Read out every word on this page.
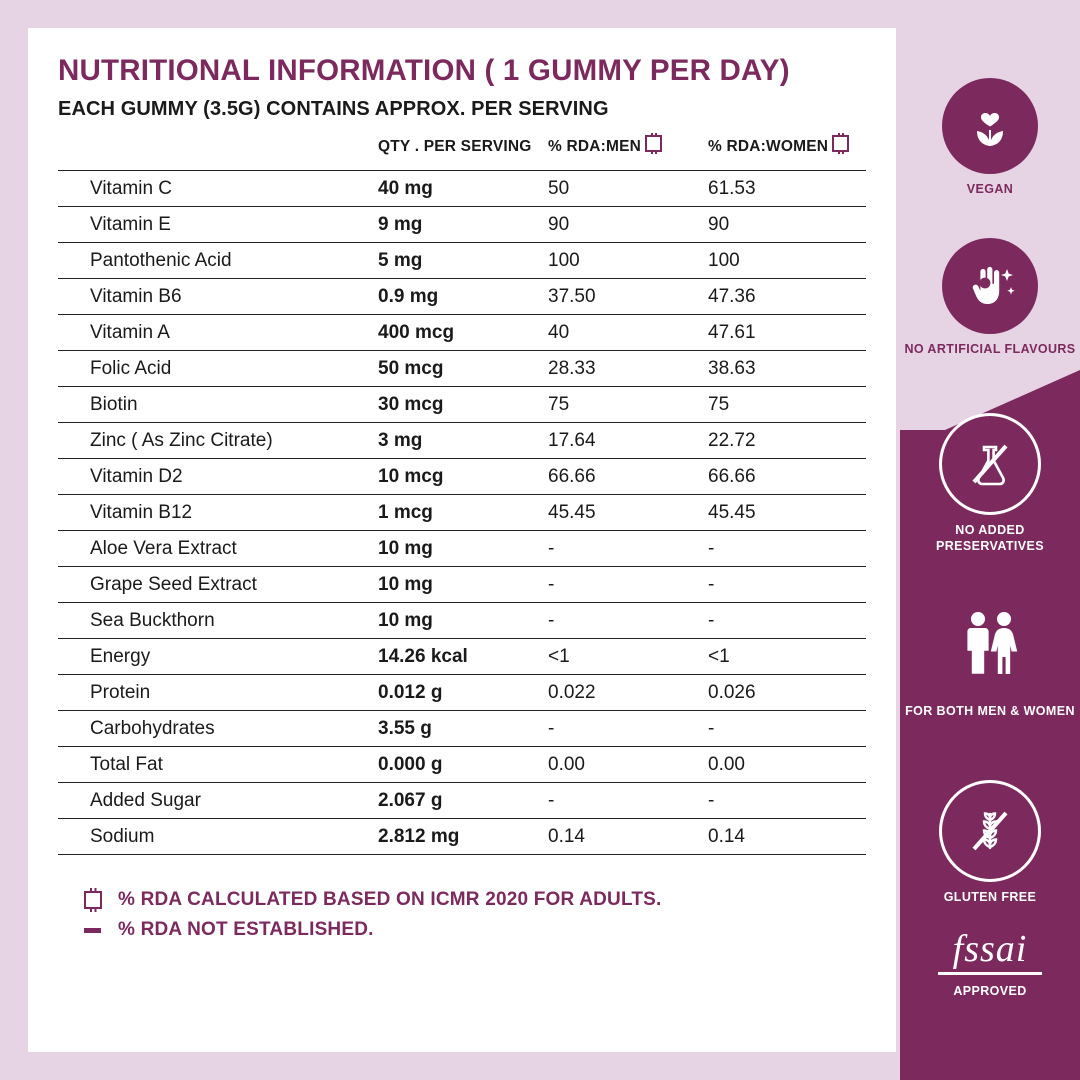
VEGAN
NO ARTIFICIAL FLAVOURS
NO ADDED PRESERVATIVES
FOR BOTH MEN & WOMEN
GLUTEN FREE
fssai
APPROVED
NUTRITIONAL INFORMATION ( 1 GUMMY PER DAY)
EACH GUMMY (3.5G) CONTAINS APPROX. PER SERVING
	QTY . PER SERVING	% RDA:MEN	% RDA:WOMEN
Vitamin C	40 mg	50	61.53
Vitamin E	9 mg	90	90
Pantothenic Acid	5 mg	100	100
Vitamin B6	0.9 mg	37.50	47.36
Vitamin A	400 mcg	40	47.61
Folic Acid	50 mcg	28.33	38.63
Biotin	30 mcg	75	75
Zinc ( As Zinc Citrate)	3 mg	17.64	22.72
Vitamin D2	10 mcg	66.66	66.66
Vitamin B12	1 mcg	45.45	45.45
Aloe Vera Extract	10 mg	-	-
Grape Seed Extract	10 mg	-	-
Sea Buckthorn	10 mg	-	-
Energy	14.26 kcal	<1	<1
Protein	0.012 g	0.022	0.026
Carbohydrates	3.55 g	-	-
Total Fat	0.000 g	0.00	0.00
Added Sugar	2.067 g	-	-
Sodium	2.812 mg	0.14	0.14
% RDA CALCULATED BASED ON ICMR 2020 FOR ADULTS.
% RDA NOT ESTABLISHED.
